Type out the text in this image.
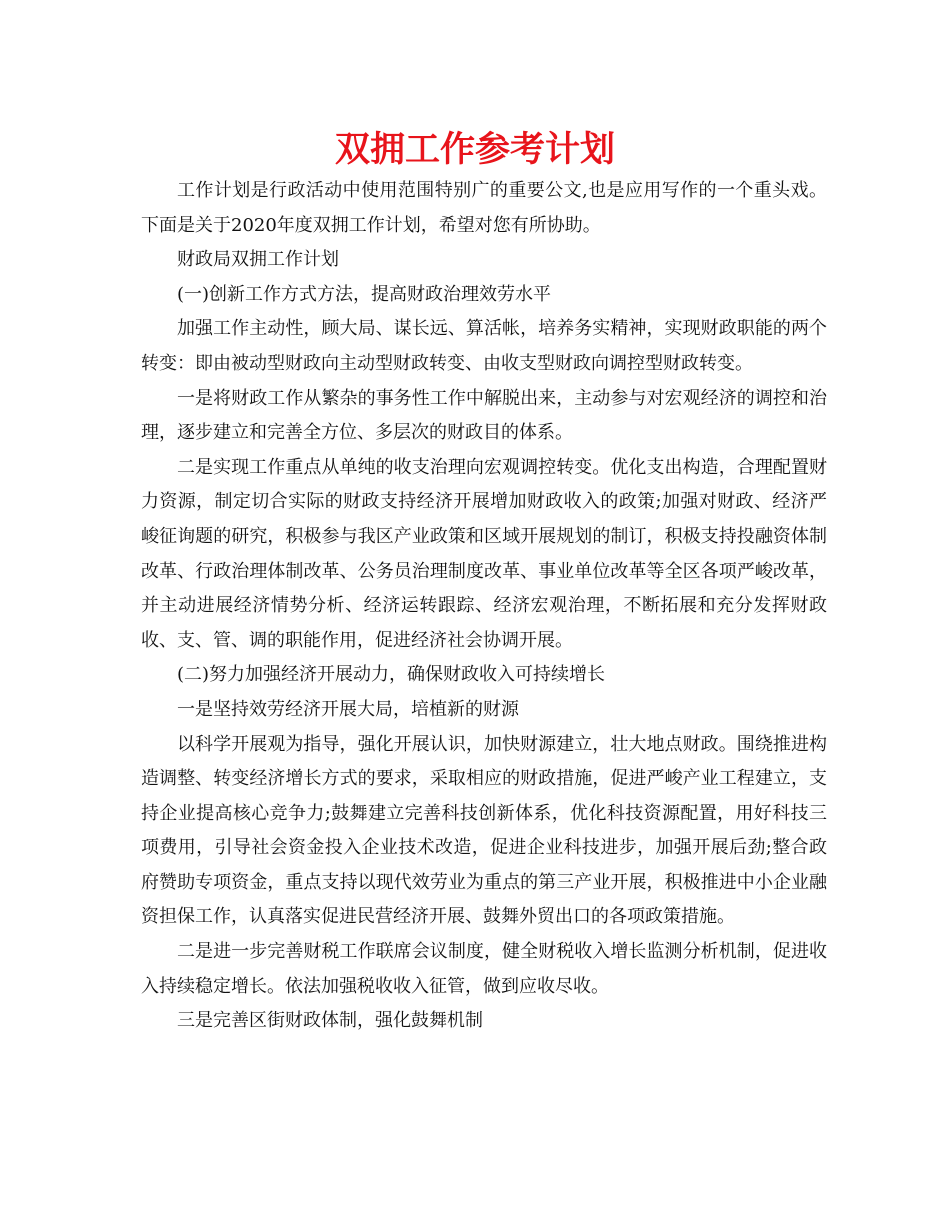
双拥工作参考计划

工作计划是行政活动中使用范围特别广的重要公文,也是应用写作的一个重头戏。下面是关于2020年度双拥工作计划，希望对您有所协助。

财政局双拥工作计划

(一)创新工作方式方法，提高财政治理效劳水平

加强工作主动性，顾大局、谋长远、算活帐，培养务实精神，实现财政职能的两个转变：即由被动型财政向主动型财政转变、由收支型财政向调控型财政转变。

一是将财政工作从繁杂的事务性工作中解脱出来，主动参与对宏观经济的调控和治理，逐步建立和完善全方位、多层次的财政目的体系。

二是实现工作重点从单纯的收支治理向宏观调控转变。优化支出构造，合理配置财力资源，制定切合实际的财政支持经济开展增加财政收入的政策;加强对财政、经济严峻征询题的研究，积极参与我区产业政策和区域开展规划的制订，积极支持投融资体制改革、行政治理体制改革、公务员治理制度改革、事业单位改革等全区各项严峻改革，并主动进展经济情势分析、经济运转跟踪、经济宏观治理，不断拓展和充分发挥财政收、支、管、调的职能作用，促进经济社会协调开展。

(二)努力加强经济开展动力，确保财政收入可持续增长

一是坚持效劳经济开展大局，培植新的财源

以科学开展观为指导，强化开展认识，加快财源建立，壮大地点财政。围绕推进构造调整、转变经济增长方式的要求，采取相应的财政措施，促进严峻产业工程建立，支持企业提高核心竞争力;鼓舞建立完善科技创新体系，优化科技资源配置，用好科技三项费用，引导社会资金投入企业技术改造，促进企业科技进步，加强开展后劲;整合政府赞助专项资金，重点支持以现代效劳业为重点的第三产业开展，积极推进中小企业融资担保工作，认真落实促进民营经济开展、鼓舞外贸出口的各项政策措施。

二是进一步完善财税工作联席会议制度，健全财税收入增长监测分析机制，促进收入持续稳定增长。依法加强税收收入征管，做到应收尽收。

三是完善区街财政体制，强化鼓舞机制
